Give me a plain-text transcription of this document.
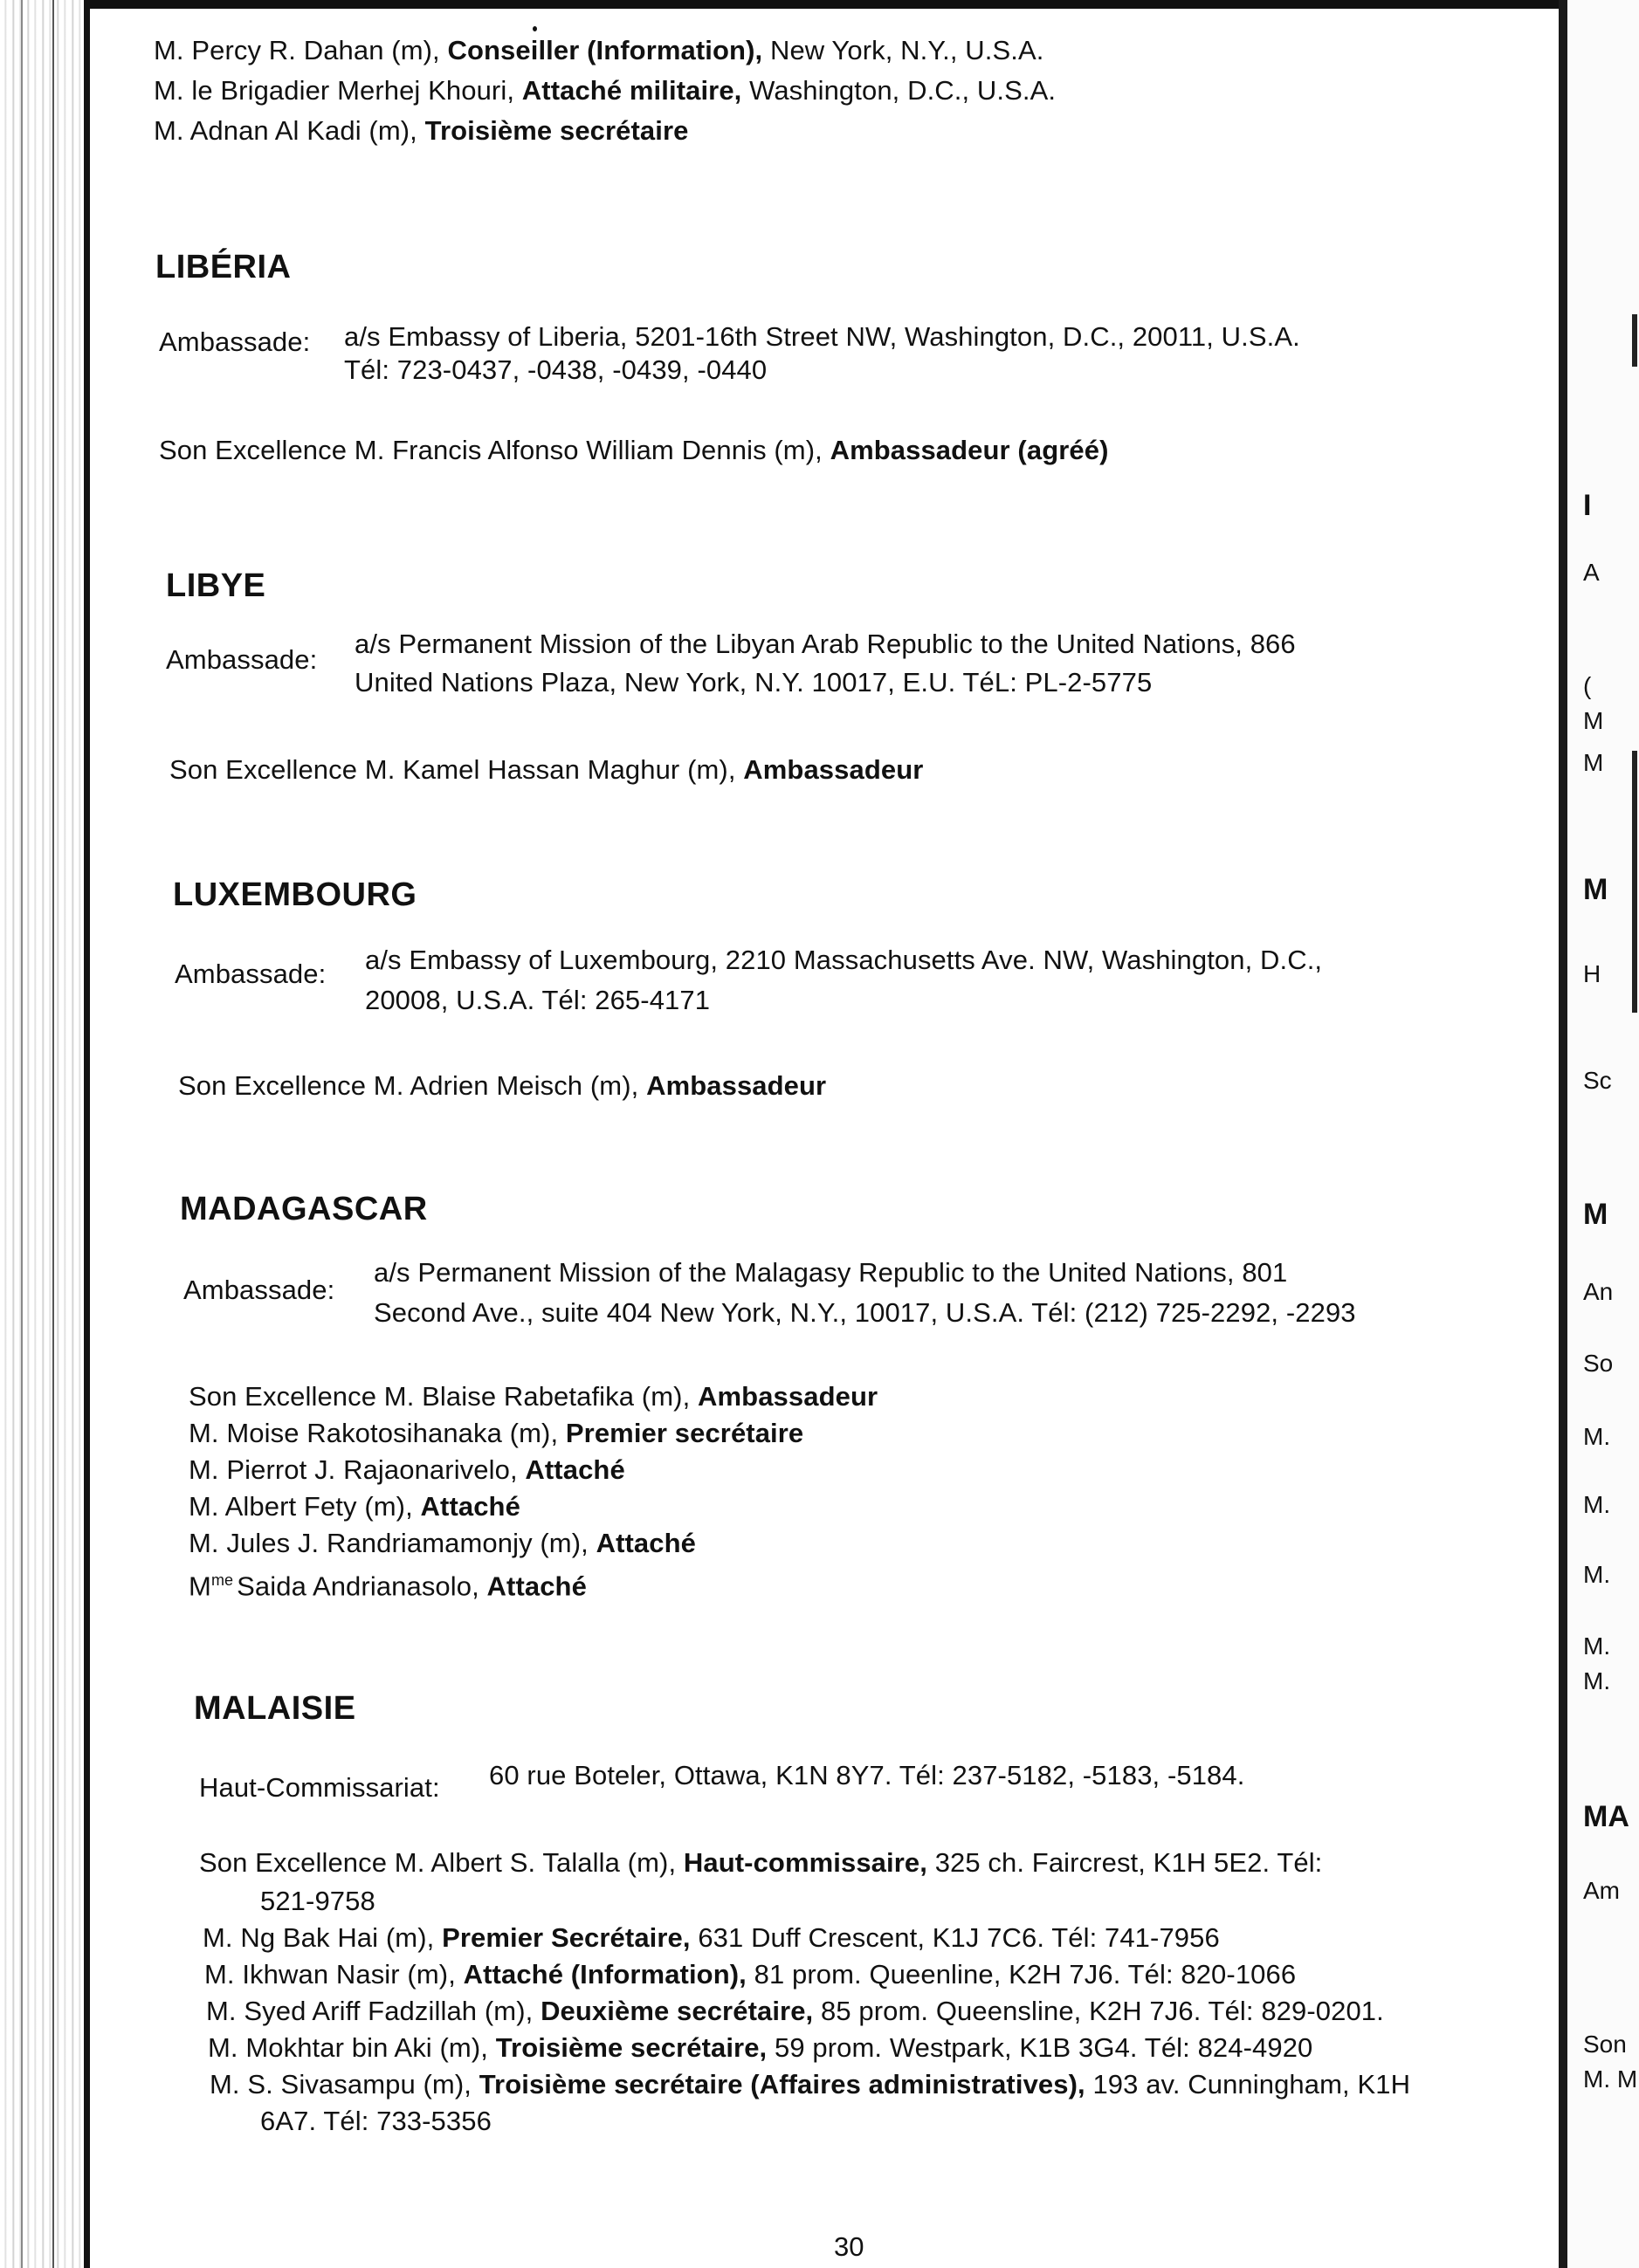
M. Percy R. Dahan (m), Conseiller (Information), New York, N.Y., U.S.A.
M. le Brigadier Merhej Khouri, Attaché militaire, Washington, D.C., U.S.A.
M. Adnan Al Kadi (m), Troisième secrétaire
LIBÉRIA
Ambassade: a/s Embassy of Liberia, 5201-16th Street NW, Washington, D.C., 20011, U.S.A.
Tél: 723-0437, -0438, -0439, -0440
Son Excellence M. Francis Alfonso William Dennis (m), Ambassadeur (agréé)
LIBYE
Ambassade:
a/s Permanent Mission of the Libyan Arab Republic to the United Nations, 866
United Nations Plaza, New York, N.Y. 10017, E.U. TéL: PL-2-5775
Son Excellence M. Kamel Hassan Maghur (m), Ambassadeur
LUXEMBOURG
Ambassade: a/s Embassy of Luxembourg, 2210 Massachusetts Ave. NW, Washington, D.C.,
20008, U.S.A. Tél: 265-4171
Son Excellence M. Adrien Meisch (m), Ambassadeur
MADAGASCAR
Ambassade:
a/s Permanent Mission of the Malagasy Republic to the United Nations, 801
Second Ave., suite 404 New York, N.Y., 10017, U.S.A. Tél: (212) 725-2292, -2293
Son Excellence M. Blaise Rabetafika (m), Ambassadeur
M. Moise Rakotosihanaka (m), Premier secrétaire
M. Pierrot J. Rajaonarivelo, Attaché
M. Albert Fety (m), Attaché
M. Jules J. Randriamamonjy (m), Attaché
$M^{me}$ Saida Andrianasolo, Attaché
MALAISIE
Haut-Commissariat: 60 rue Boteler, Ottawa, K1N 8Y7. Tél: 237-5182, -5183, -5184.
Son Excellence M. Albert S. Talalla (m), Haut-commissaire, 325 ch. Faircrest, K1H 5E2. Tél:
521-9758
M. Ng Bak Hai (m), Premier Secrétaire, 631 Duff Crescent, K1J 7C6. Tél: 741-7956
M. Ikhwan Nasir (m), Attaché (Information), 81 prom. Queenline, K2H 7J6. Tél: 820-1066
M. Syed Ariff Fadzillah (m), Deuxième secrétaire, 85 prom. Queensline, K2H 7J6. Tél: 829-0201.
M. Mokhtar bin Aki (m), Troisième secrétaire, 59 prom. Westpark, K1B 3G4. Tél: 824-4920
M. S. Sivasampu (m), Troisième secrétaire (Affaires administratives), 193 av. Cunningham, K1H
6A7. Tél: 733-5356
30
I
A
(
M
M
M
H
Sc
M
An
So
M.
M.
M.
M.
M.
MA
Am
Son
M. M
